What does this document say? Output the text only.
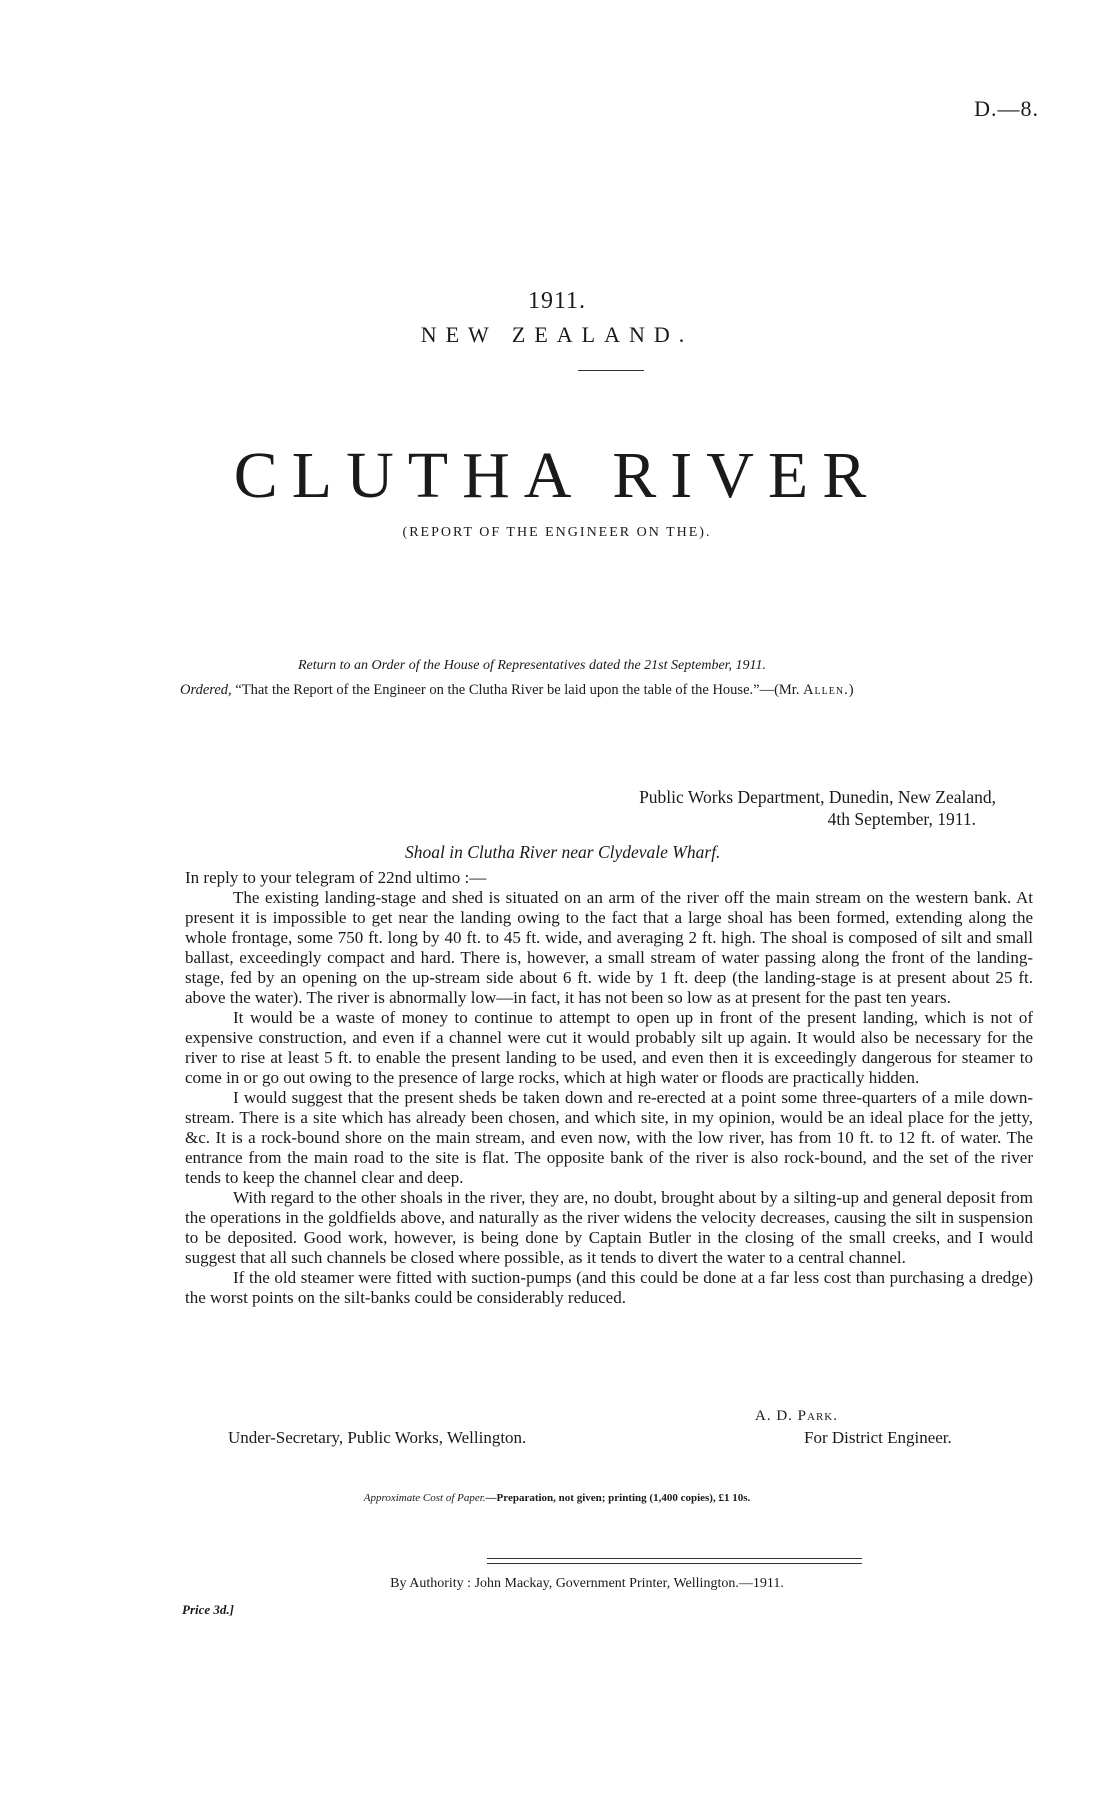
D.—8.
1911.
NEW ZEALAND.
CLUTHA RIVER
(REPORT OF THE ENGINEER ON THE).
Return to an Order of the House of Representatives dated the 21st September, 1911.
Ordered, “That the Report of the Engineer on the Clutha River be laid upon the table of the House.”—(Mr. Allen.)
Public Works Department, Dunedin, New Zealand,
4th September, 1911.
Shoal in Clutha River near Clydevale Wharf.

In reply to your telegram of 22nd ultimo :—

The existing landing-stage and shed is situated on an arm of the river off the main stream on the western bank. At present it is impossible to get near the landing owing to the fact that a large shoal has been formed, extending along the whole frontage, some 750 ft. long by 40 ft. to 45 ft. wide, and averaging 2 ft. high. The shoal is composed of silt and small ballast, exceedingly compact and hard. There is, however, a small stream of water passing along the front of the landing-stage, fed by an opening on the up-stream side about 6 ft. wide by 1 ft. deep (the landing-stage is at present about 25 ft. above the water). The river is abnormally low—in fact, it has not been so low as at present for the past ten years.

It would be a waste of money to continue to attempt to open up in front of the present landing, which is not of expensive construction, and even if a channel were cut it would probably silt up again. It would also be necessary for the river to rise at least 5 ft. to enable the present landing to be used, and even then it is exceedingly dangerous for steamer to come in or go out owing to the presence of large rocks, which at high water or floods are practically hidden.

I would suggest that the present sheds be taken down and re-erected at a point some three-quarters of a mile down-stream. There is a site which has already been chosen, and which site, in my opinion, would be an ideal place for the jetty, &c. It is a rock-bound shore on the main stream, and even now, with the low river, has from 10 ft. to 12 ft. of water. The entrance from the main road to the site is flat. The opposite bank of the river is also rock-bound, and the set of the river tends to keep the channel clear and deep.

With regard to the other shoals in the river, they are, no doubt, brought about by a silting-up and general deposit from the operations in the goldfields above, and naturally as the river widens the velocity decreases, causing the silt in suspension to be deposited. Good work, however, is being done by Captain Butler in the closing of the small creeks, and I would suggest that all such channels be closed where possible, as it tends to divert the water to a central channel.

If the old steamer were fitted with suction-pumps (and this could be done at a far less cost than purchasing a dredge) the worst points on the silt-banks could be considerably reduced.

A. D. Park.
Under-Secretary, Public Works, Wellington.	For District Engineer.
Approximate Cost of Paper.—Preparation, not given; printing (1,400 copies), £1 10s.
By Authority : John Mackay, Government Printer, Wellington.—1911.
Price 3d.]
